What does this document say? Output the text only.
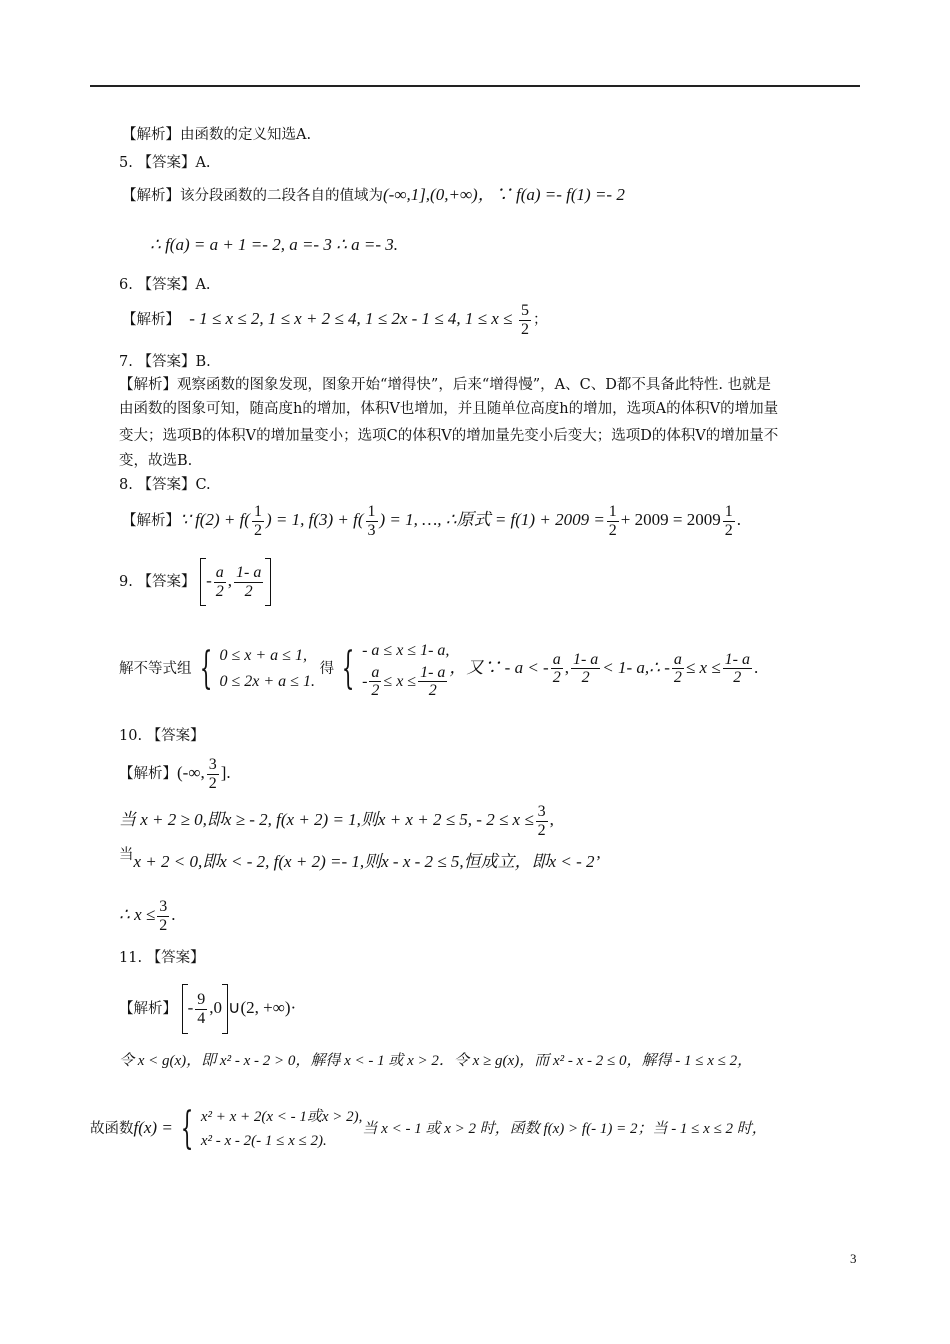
【解析】由函数的定义知选A.
5. 【答案】A.
【解析】该分段函数的二段各自的值域为(-∞,1],(0,+∞)，∵ f(a) =- f(1) =- 2
∴ f(a) = a + 1 =- 2, a =- 3 ∴ a =- 3.
6. 【答案】A.
【解析】 - 1 ≤ x ≤ 2, 1 ≤ x + 2 ≤ 4, 1 ≤ 2x - 1 ≤ 4, $1 \le x \le \frac{5}{2}$ ；
7. 【答案】B.
【解析】观察函数的图象发现，图象开始“增得快”，后来“增得慢”，A、C、D都不具备此特性. 也就是
由函数的图象可知，随高度h的增加，体积V也增加，并且随单位高度h的增加，选项A的体积V的增加量
变大；选项B的体积V的增加量变小；选项C的体积V的增加量先变小后变大；选项D的体积V的增加量不
变，故选B.
8. 【答案】C.
【解析】∵ $f(2) + f( \frac{1}{2}$ ) = 1, $f(3) + f( \frac{1}{3}$ ) = 1, …, ∴原式 = $f(1) + 2009 = \frac{1}{2} + 2009 = 2009 \frac{1}{2}$ .
9. 【答案】 - $\frac{a}{2}$ , $\frac{1- a}{2}$
解不等式组 { 0 ≤ x + a ≤ 1,
0 ≤ 2x + a ≤ 1.
得 { - a ≤ x ≤ 1- a,
- $\frac{a}{2} \le x \le \frac{1- a}{2}$ ，又∵ - a < - $\frac{a}{2}$ , $\frac{1- a}{2} < 1-$ a,∴ - $\frac{a}{2} \le x \le \frac{1- a}{2}$ .
10. 【答案】
【解析】(-∞, $\frac{3}{2}$ ].
当 x + 2 ≥ 0,即x ≥ - 2, f(x + 2) = 1,则x + x + 2 ≤ 5, - $2 \le x \le \frac{3}{2}$ ,
当x + 2 < 0,即x < - 2, f(x + 2) =- 1,则x - x - 2 ≤ 5,恒成立，即x < - 2’
∴ $x \le \frac{3}{2}$ .
11. 【答案】
【解析】 - $\frac{9}{4} ,0$ ∪(2, +∞)·
令 x < g(x)，即 x² - x - 2 > 0，解得 x < - 1 或 x > 2．令 x ≥ g(x)，而 x² - x - 2 ≤ 0，解得 - 1 ≤ x ≤ 2，
故函数f(x) = { x² + x + 2(x < - 1或x > 2),
x² - x - 2(- 1 ≤ x ≤ 2).
当 x < - 1 或 x > 2 时，函数 f(x) > f(- 1) = 2；当 - 1 ≤ x ≤ 2 时，
3
